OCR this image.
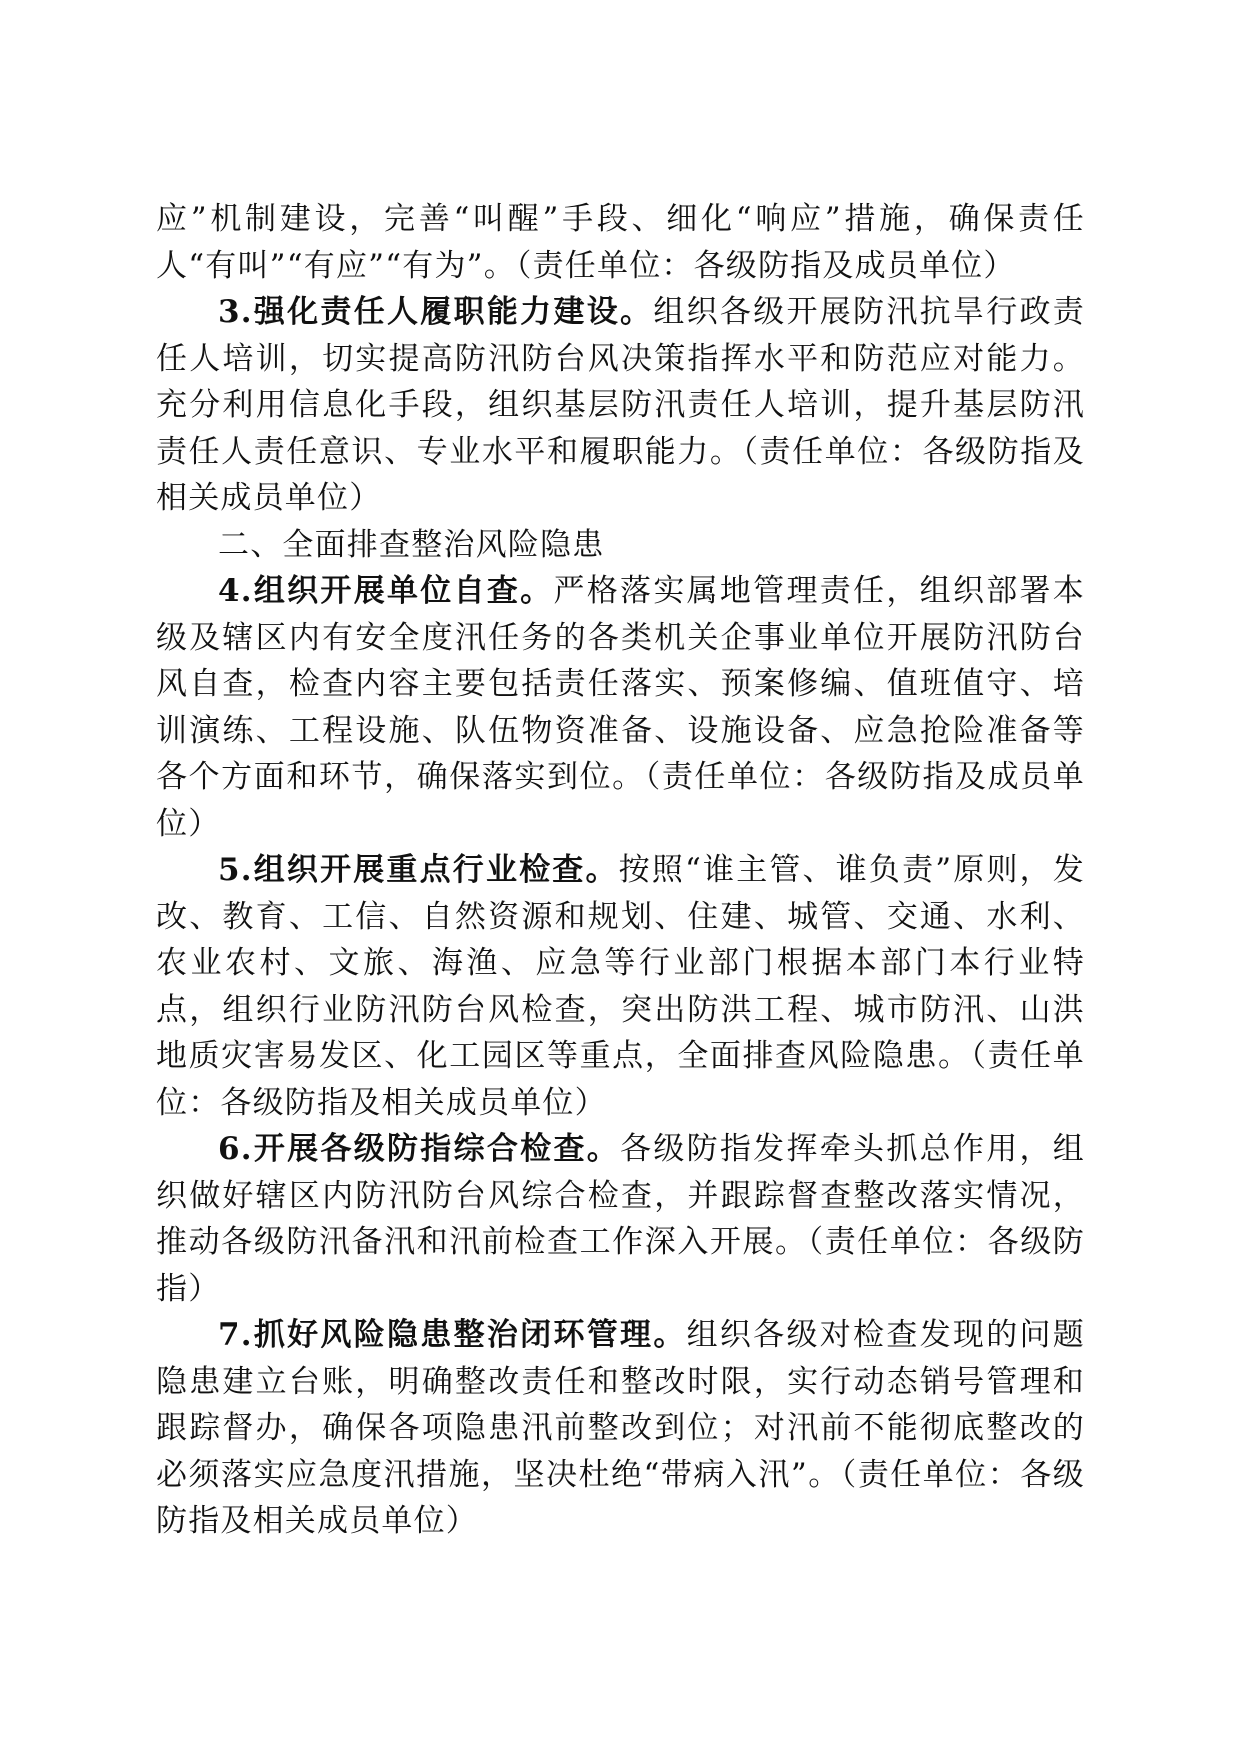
应”机制建设，完善“叫醒”手段、细化“响应”措施，确保责任人“有叫”“有应”“有为”。（责任单位：各级防指及成员单位）

3.强化责任人履职能力建设。组织各级开展防汛抗旱行政责任人培训，切实提高防汛防台风决策指挥水平和防范应对能力。充分利用信息化手段，组织基层防汛责任人培训，提升基层防汛责任人责任意识、专业水平和履职能力。（责任单位：各级防指及相关成员单位）

二、全面排查整治风险隐患

4.组织开展单位自查。严格落实属地管理责任，组织部署本级及辖区内有安全度汛任务的各类机关企事业单位开展防汛防台风自查，检查内容主要包括责任落实、预案修编、值班值守、培训演练、工程设施、队伍物资准备、设施设备、应急抢险准备等各个方面和环节，确保落实到位。（责任单位：各级防指及成员单位）

5.组织开展重点行业检查。按照“谁主管、谁负责”原则，发改、教育、工信、自然资源和规划、住建、城管、交通、水利、农业农村、文旅、海渔、应急等行业部门根据本部门本行业特点，组织行业防汛防台风检查，突出防洪工程、城市防汛、山洪地质灾害易发区、化工园区等重点，全面排查风险隐患。（责任单位：各级防指及相关成员单位）

6.开展各级防指综合检查。各级防指发挥牵头抓总作用，组织做好辖区内防汛防台风综合检查，并跟踪督查整改落实情况，推动各级防汛备汛和汛前检查工作深入开展。（责任单位：各级防指）

7.抓好风险隐患整治闭环管理。组织各级对检查发现的问题隐患建立台账，明确整改责任和整改时限，实行动态销号管理和跟踪督办，确保各项隐患汛前整改到位；对汛前不能彻底整改的必须落实应急度汛措施，坚决杜绝“带病入汛”。（责任单位：各级防指及相关成员单位）
